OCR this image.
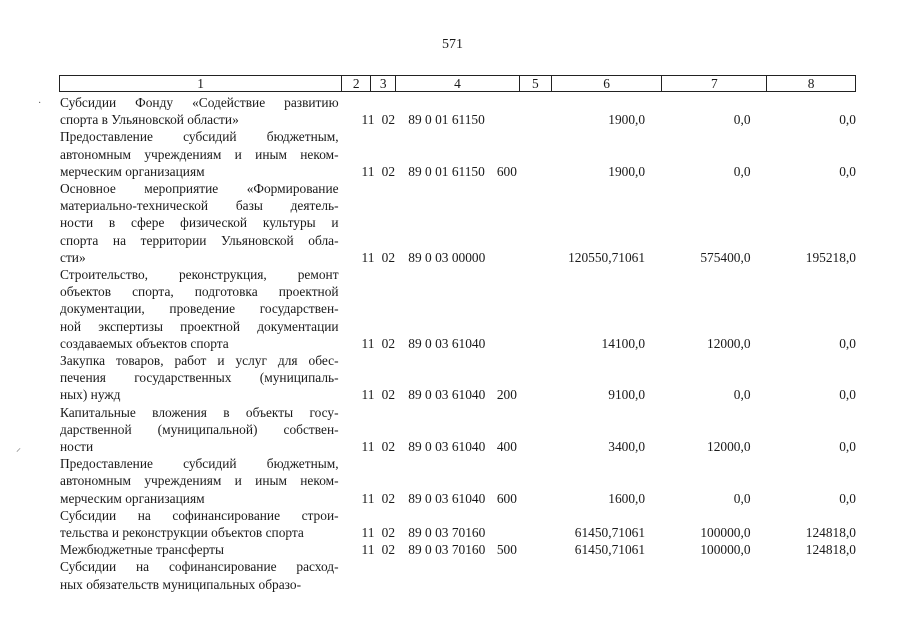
571
1	2	3	4	5	6	7	8
Субсидии Фонду «Содействие развитию
спорта в Ульяновской области»	11 02 89 0 01 61150	1900,0	0,0	0,0
Предоставление субсидий бюджетным,
автономным учреждениям и иным неком-
мерческим организациям	11 02 89 0 01 61150 600	1900,0	0,0	0,0
Основное мероприятие «Формирование
материально-технической базы деятель-
ности в сфере физической культуры и
спорта на территории Ульяновской обла-
сти»	11 02 89 0 03 00000	120550,71061	575400,0	195218,0
Строительство, реконструкция, ремонт
объектов спорта, подготовка проектной
документации, проведение государствен-
ной экспертизы проектной документации
создаваемых объектов спорта	11 02 89 0 03 61040	14100,0	12000,0	0,0
Закупка товаров, работ и услуг для обес-
печения государственных (муниципаль-
ных) нужд	11 02 89 0 03 61040 200	9100,0	0,0	0,0
Капитальные вложения в объекты госу-
дарственной (муниципальной) собствен-
ности	11 02 89 0 03 61040 400	3400,0	12000,0	0,0
Предоставление субсидий бюджетным,
автономным учреждениям и иным неком-
мерческим организациям	11 02 89 0 03 61040 600	1600,0	0,0	0,0
Субсидии на софинансирование строи-
тельства и реконструкции объектов спорта	11 02 89 0 03 70160	61450,71061	100000,0	124818,0
Межбюджетные трансферты	11 02 89 0 03 70160 500	61450,71061	100000,0	124818,0
Субсидии на софинансирование расход-
ных обязательств муниципальных образо-
·
⸝
